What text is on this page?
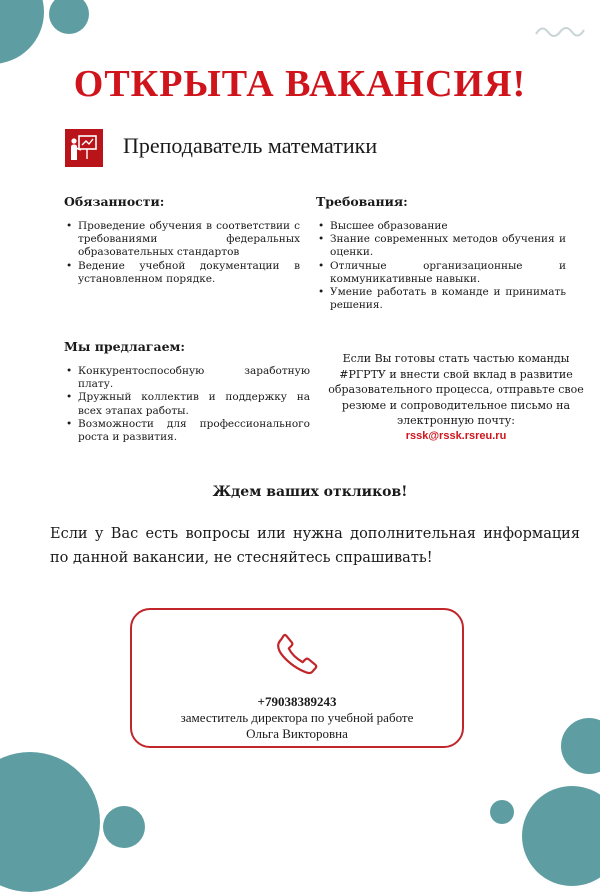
ОТКРЫТА ВАКАНСИЯ!
Преподаватель математики
Обязанности:
• Проведение обучения в соответствии с требованиями федеральных образовательных стандартов
• Ведение учебной документации в установленном порядке.
Требования:
• Высшее образование
• Знание современных методов обучения и оценки.
• Отличные организационные и коммуникативные навыки.
• Умение работать в команде и принимать решения.
Мы предлагаем:
• Конкурентоспособную заработную плату.
• Дружный коллектив и поддержку на всех этапах работы.
• Возможности для профессионального роста и развития.
Если Вы готовы стать частью команды #РГРТУ и внести свой вклад в развитие образовательного процесса, отправьте свое резюме и сопроводительное письмо на электронную почту:
rssk@rssk.rsreu.ru
Ждем ваших откликов!
Если у Вас есть вопросы или нужна дополнительная информация по данной вакансии, не стесняйтесь спрашивать!
+79038389243
заместитель директора по учебной работе
Ольга Викторовна
